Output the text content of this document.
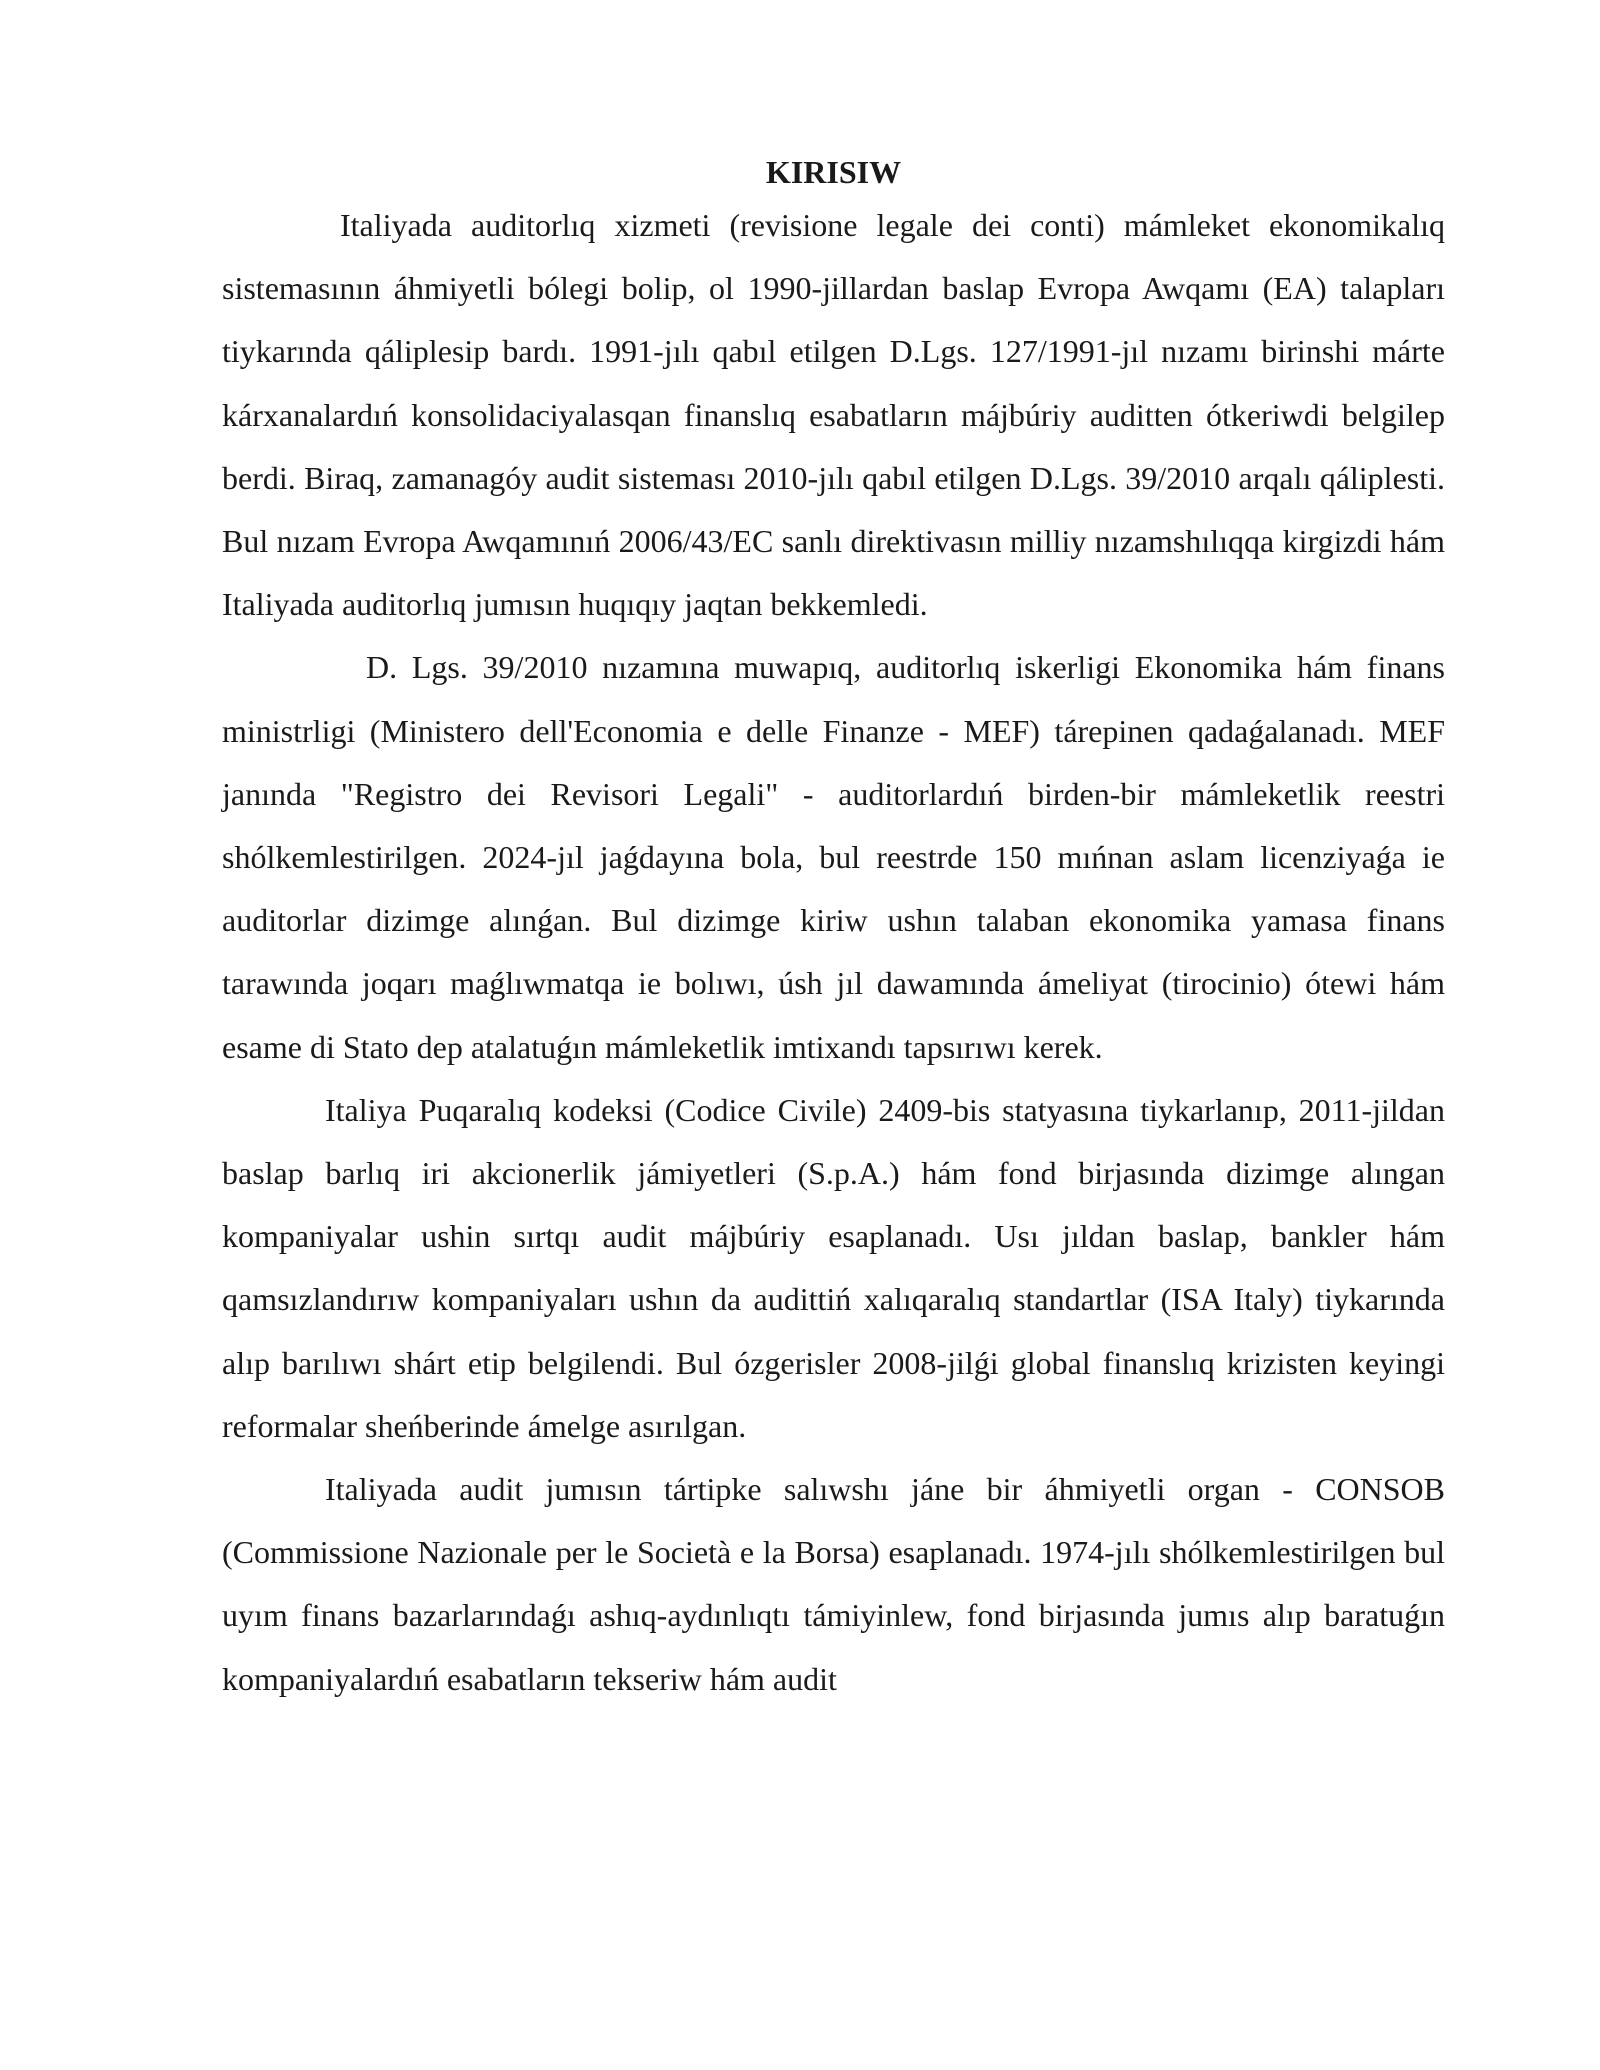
KIRISIW

Italiyada auditorlıq xizmeti (revisione legale dei conti) mámleket ekonomikalıq sistemasının áhmiyetli bólegi bolip, ol 1990-jillardan baslap Evropa Awqamı (EA) talapları tiykarında qáliplesip bardı. 1991-jılı qabıl etilgen D.Lgs. 127/1991-jıl nızamı birinshi márte kárxanalardıń konsolidaciyalasqan finanslıq esabatların májbúriy auditten ótkeriwdi belgilep berdi. Biraq, zamanagóy audit sisteması 2010-jılı qabıl etilgen D.Lgs. 39/2010 arqalı qáliplesti. Bul nızam Evropa Awqamınıń 2006/43/EC sanlı direktivasın milliy nızamshılıqqa kirgizdi hám Italiyada auditorlıq jumısın huqıqıy jaqtan bekkemledi.

D. Lgs. 39/2010 nızamına muwapıq, auditorlıq iskerligi Ekonomika hám finans ministrligi (Ministero dell'Economia e delle Finanze - MEF) tárepinen qadaǵalanadı. MEF janında "Registro dei Revisori Legali" - auditorlardıń birden-bir mámleketlik reestri shólkemlestirilgen. 2024-jıl jaǵdayına bola, bul reestrde 150 mıńnan aslam licenziyaǵa ie auditorlar dizimge alınǵan. Bul dizimge kiriw ushın talaban ekonomika yamasa finans tarawında joqarı maǵlıwmatqa ie bolıwı, úsh jıl dawamında ámeliyat (tirocinio) ótewi hám esame di Stato dep atalatuǵın mámleketlik imtixandı tapsırıwı kerek.

Italiya Puqaralıq kodeksi (Codice Civile) 2409-bis statyasına tiykarlanıp, 2011-jildan baslap barlıq iri akcionerlik jámiyetleri (S.p.A.) hám fond birjasında dizimge alıngan kompaniyalar ushin sırtqı audit májbúriy esaplanadı. Usı jıldan baslap, bankler hám qamsızlandırıw kompaniyaları ushın da audittiń xalıqaralıq standartlar (ISA Italy) tiykarında alıp barılıwı shárt etip belgilendi. Bul ózgerisler 2008-jilǵi global finanslıq krizisten keyingi reformalar sheńberinde ámelge asırılgan.

Italiyada audit jumısın tártipke salıwshı jáne bir áhmiyetli organ - CONSOB (Commissione Nazionale per le Società e la Borsa) esaplanadı. 1974-jılı shólkemlestirilgen bul uyım finans bazarlarındaǵı ashıq-aydınlıqtı támiyinlew, fond birjasında jumıs alıp baratuǵın kompaniyalardıń esabatların tekseriw hám audit
